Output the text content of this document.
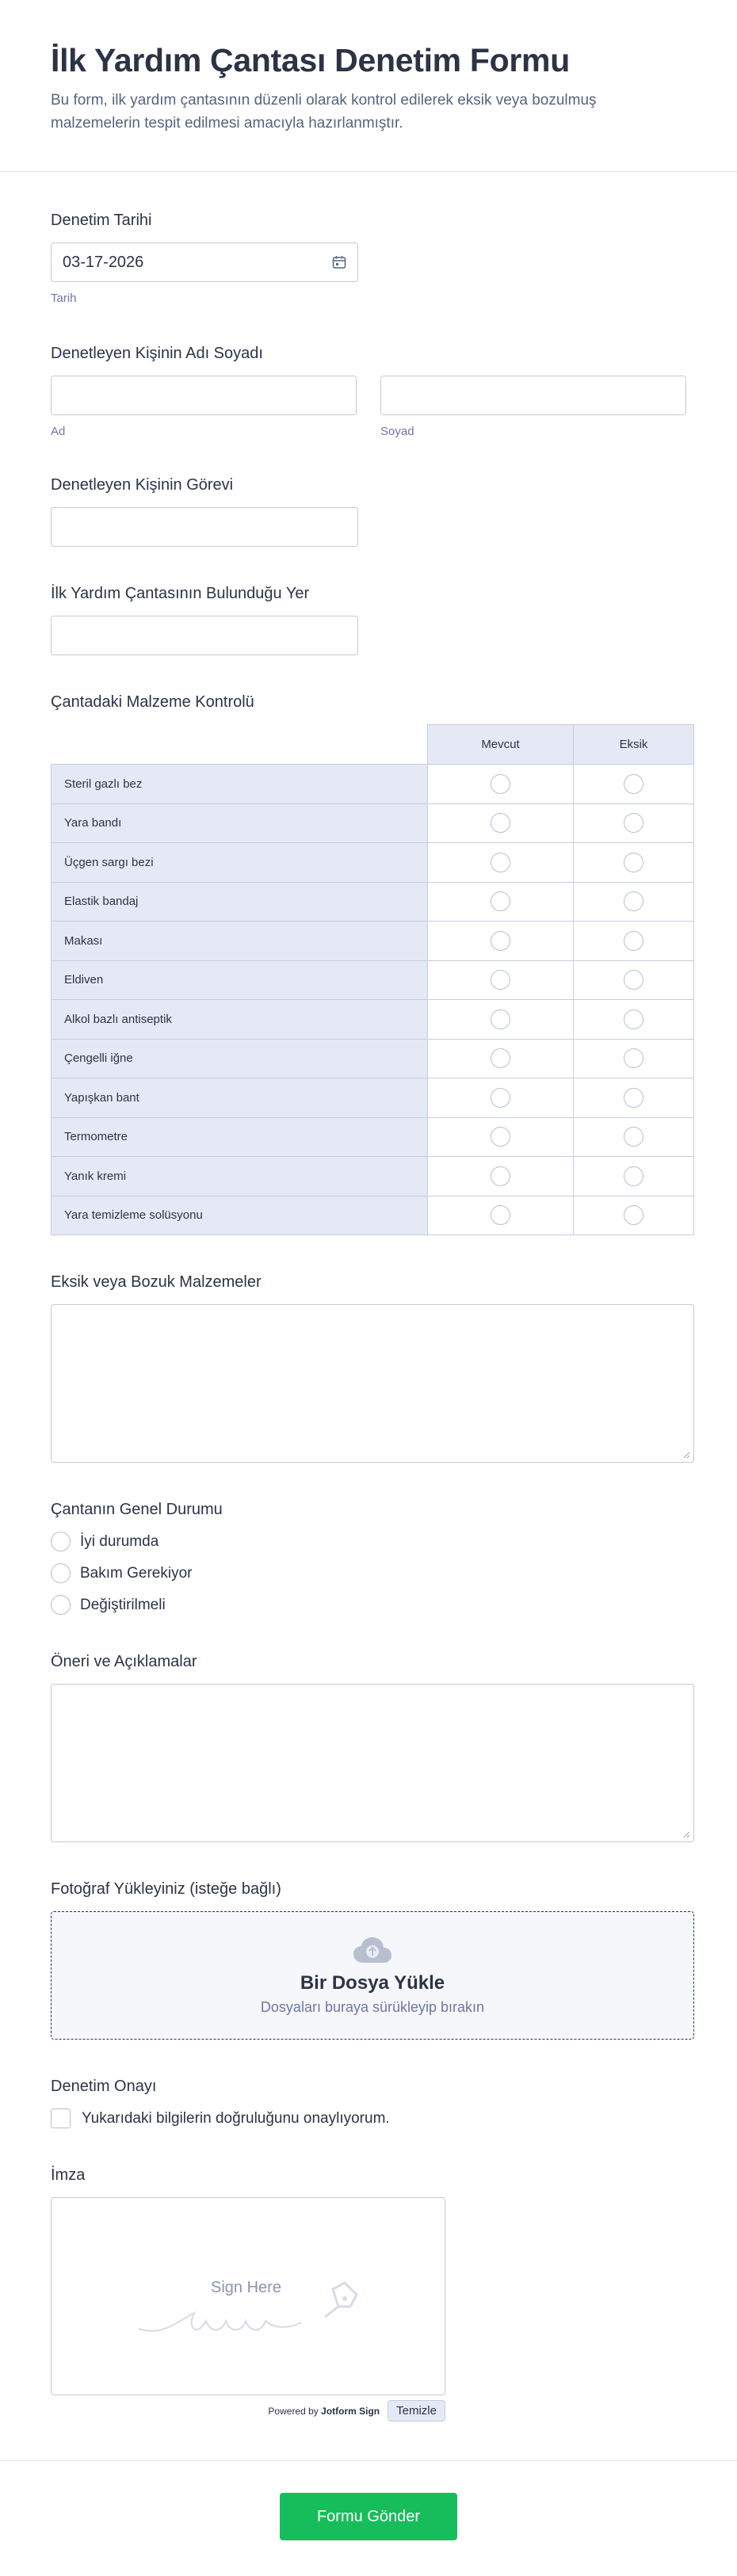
İlk Yardım Çantası Denetim Formu

Bu form, ilk yardım çantasının düzenli olarak kontrol edilerek eksik veya bozulmuş malzemelerin tespit edilmesi amacıyla hazırlanmıştır.

Denetim Tarihi
03-17-2026
Tarih
Denetleyen Kişinin Adı Soyadı
Ad	Soyad
Denetleyen Kişinin Görevi
İlk Yardım Çantasının Bulunduğu Yer
Çantadaki Malzeme Kontrolü
	Mevcut	Eksik
Steril gazlı bez		
Yara bandı		
Üçgen sargı bezi		
Elastik bandaj		
Makası		
Eldiven		
Alkol bazlı antiseptik		
Çengelli iğne		
Yapışkan bant		
Termometre		
Yanık kremi		
Yara temizleme solüsyonu		
Eksik veya Bozuk Malzemeler
Çantanın Genel Durumu
İyi durumda
Bakım Gerekiyor
Değiştirilmeli
Öneri ve Açıklamalar
Fotoğraf Yükleyiniz (isteğe bağlı)
Bir Dosya Yükle
Dosyaları buraya sürükleyip bırakın
Denetim Onayı
Yukarıdaki bilgilerin doğruluğunu onaylıyorum.
İmza
Sign Here
Powered by Jotform Sign	Temizle
Formu Gönder
